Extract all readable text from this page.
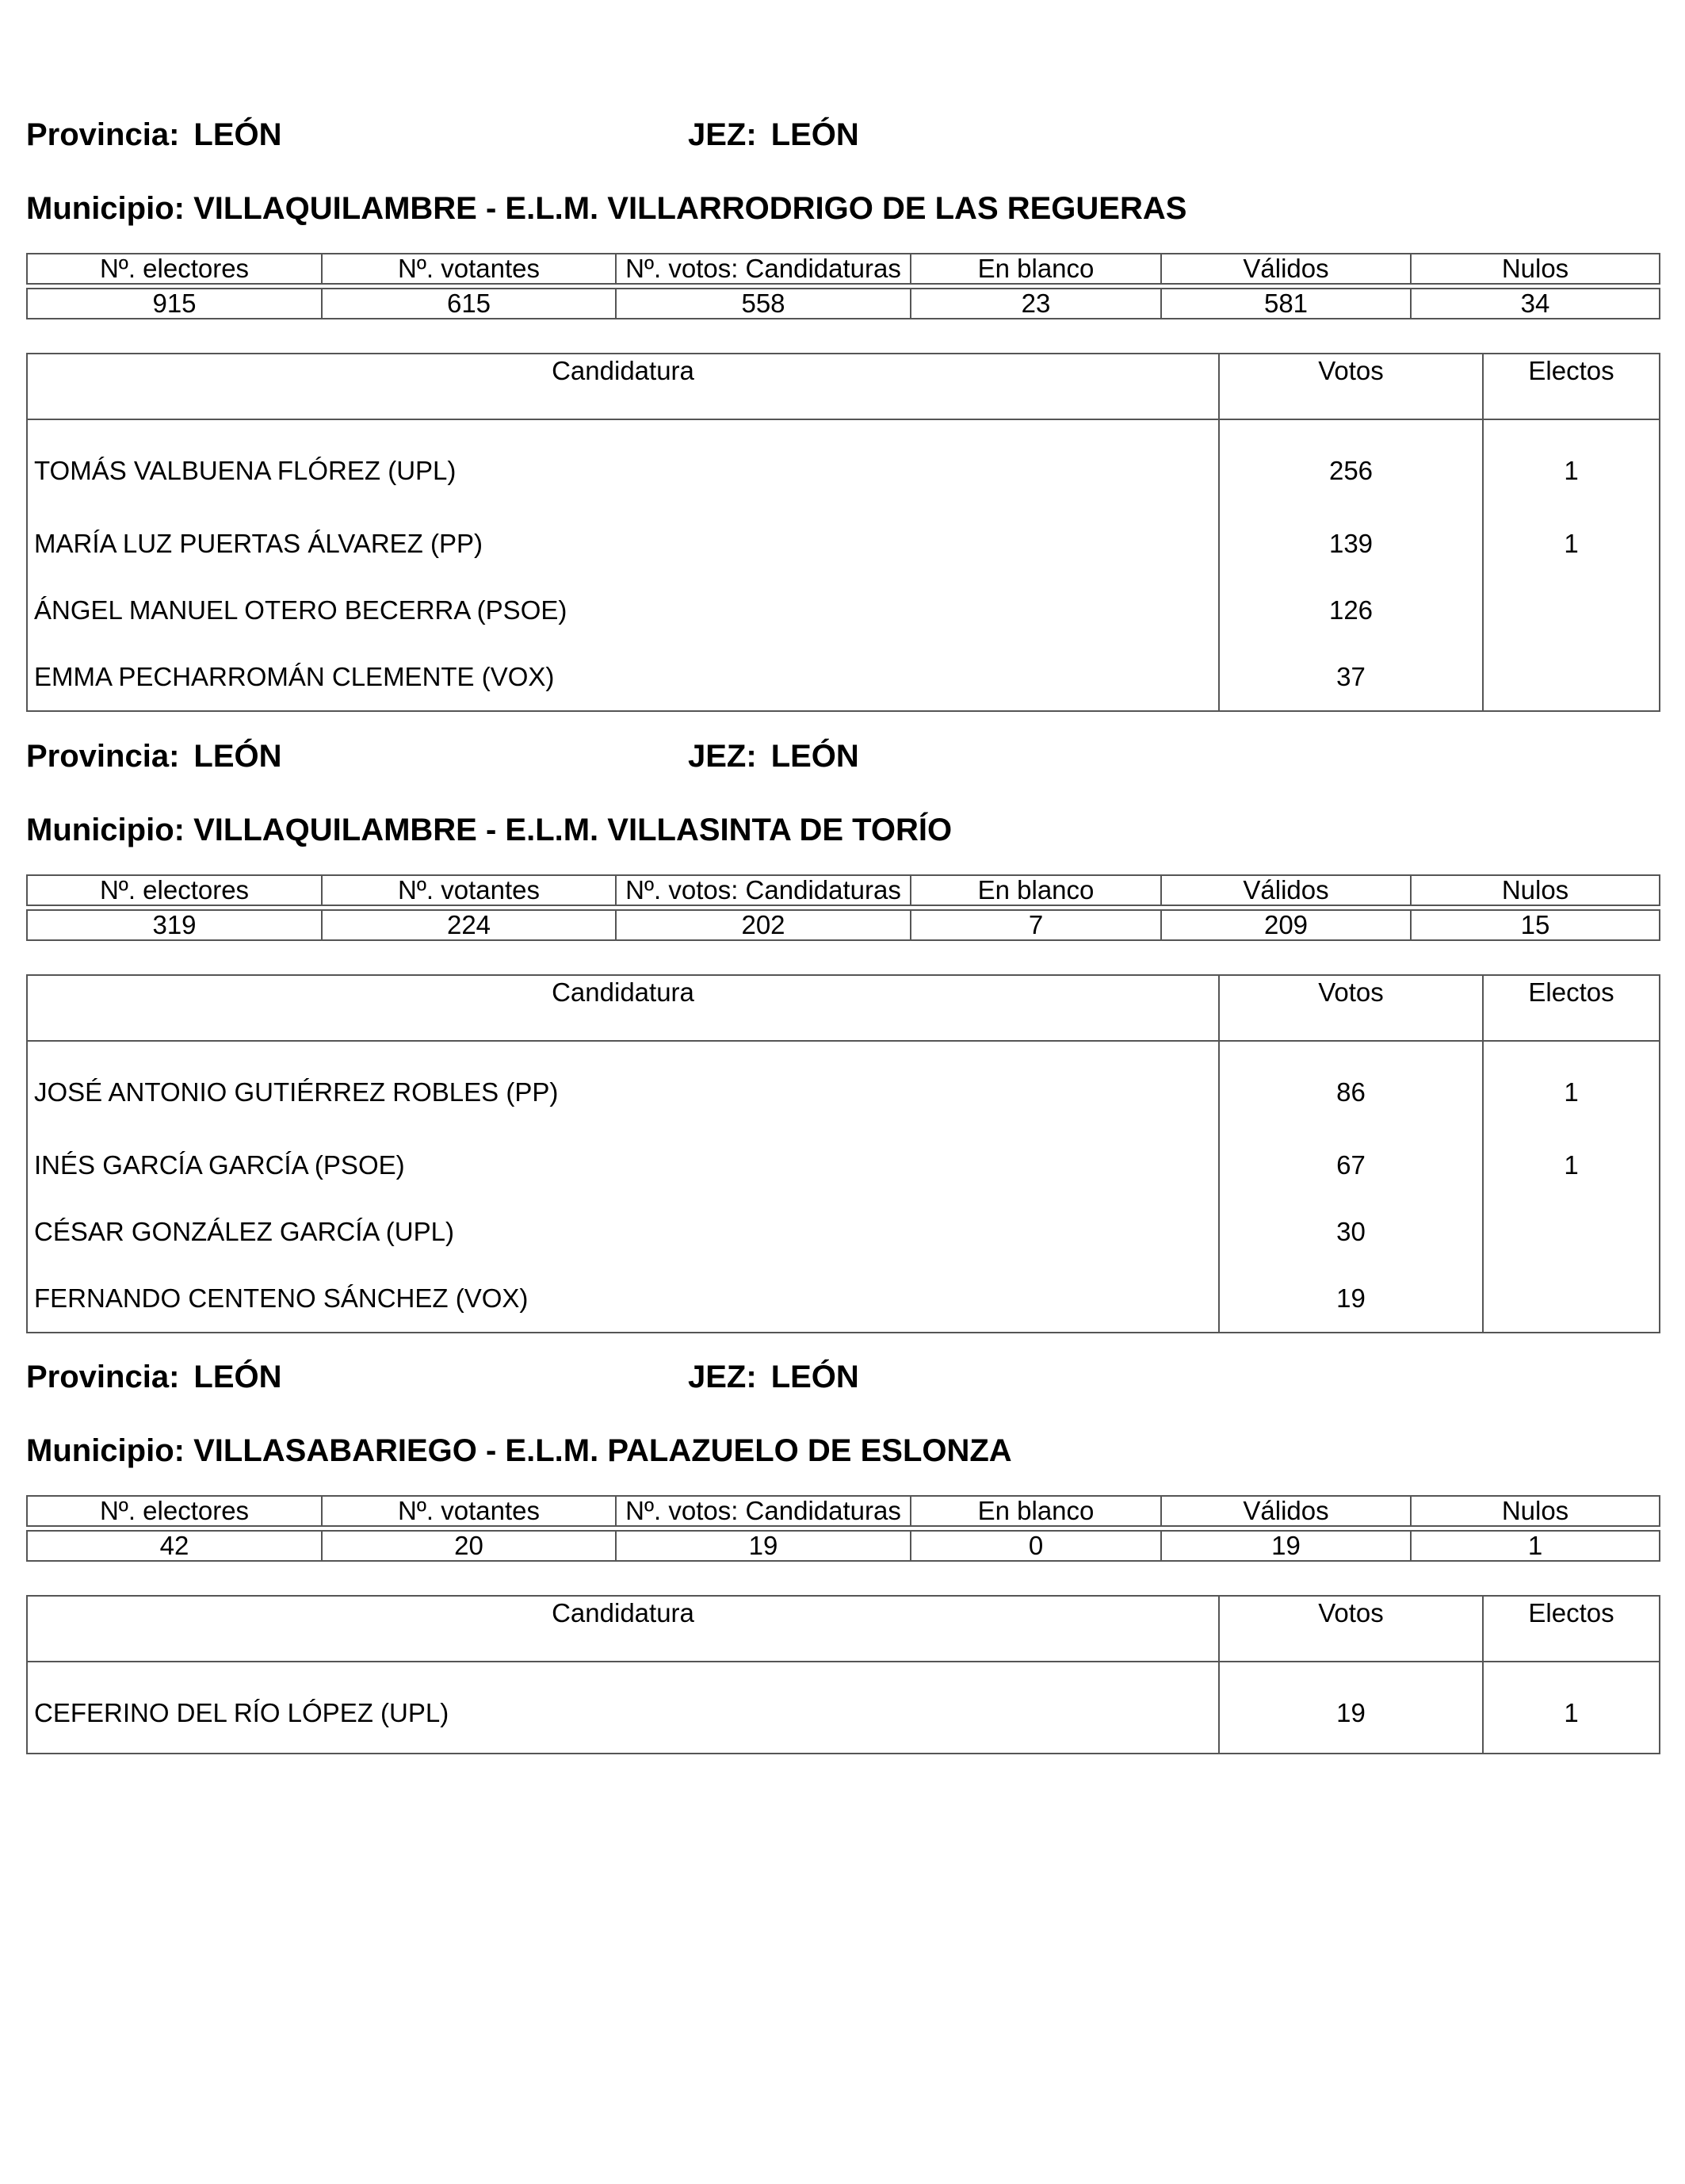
Provincia: LEÓN	JEZ: LEÓN
Municipio: VILLAQUILAMBRE - E.L.M. VILLARRODRIGO DE LAS REGUERAS
Nº. electores	Nº. votantes	Nº. votos: Candidaturas	En blanco	Válidos	Nulos

915	615	558	23	581	34
Candidatura	Votos	Electos
TOMÁS VALBUENA FLÓREZ (UPL)	256	1
MARÍA LUZ PUERTAS ÁLVAREZ (PP)	139	1
ÁNGEL MANUEL OTERO BECERRA (PSOE)	126	
EMMA PECHARROMÁN CLEMENTE (VOX)	37	
Provincia: LEÓN	JEZ: LEÓN
Municipio: VILLAQUILAMBRE - E.L.M. VILLASINTA DE TORÍO
Nº. electores	Nº. votantes	Nº. votos: Candidaturas	En blanco	Válidos	Nulos

319	224	202	7	209	15
Candidatura	Votos	Electos
JOSÉ ANTONIO GUTIÉRREZ ROBLES (PP)	86	1
INÉS GARCÍA GARCÍA (PSOE)	67	1
CÉSAR GONZÁLEZ GARCÍA (UPL)	30	
FERNANDO CENTENO SÁNCHEZ (VOX)	19	
Provincia: LEÓN	JEZ: LEÓN
Municipio: VILLASABARIEGO - E.L.M. PALAZUELO DE ESLONZA
Nº. electores	Nº. votantes	Nº. votos: Candidaturas	En blanco	Válidos	Nulos

42	20	19	0	19	1
Candidatura	Votos	Electos
CEFERINO DEL RÍO LÓPEZ (UPL)	19	1
